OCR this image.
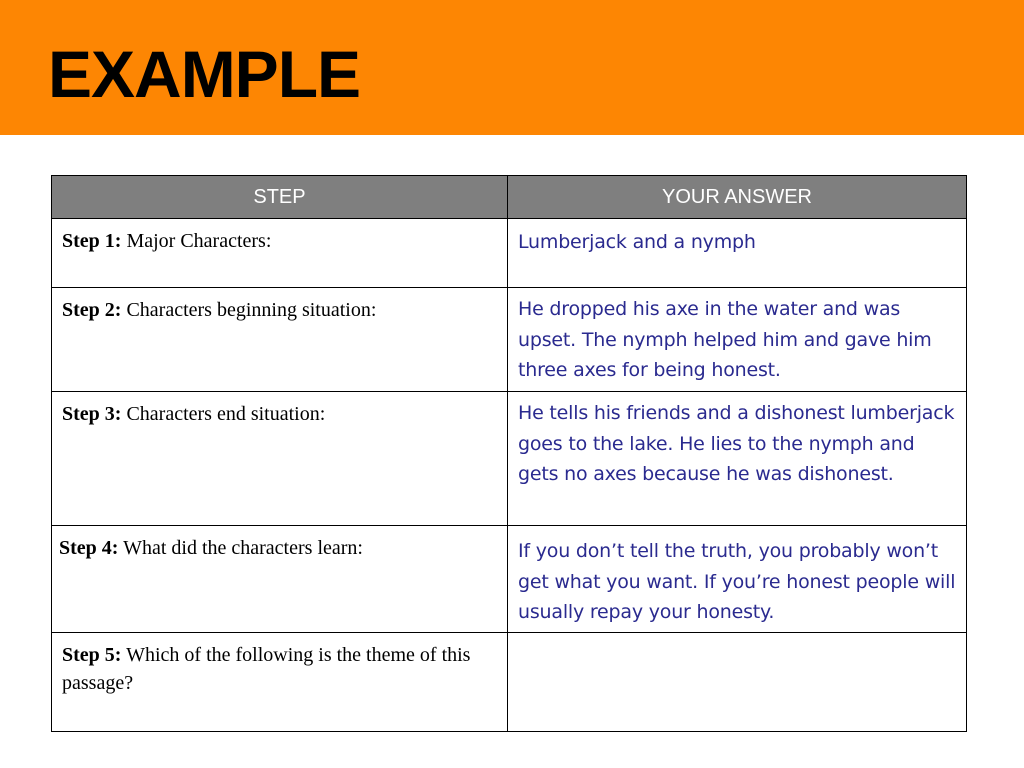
EXAMPLE
STEP	YOUR ANSWER
Step 1: Major Characters:	Lumberjack and a nymph
Step 2: Characters beginning situation:	He dropped his axe in the water and was upset. The nymph helped him and gave him three axes for being honest.
Step 3: Characters end situation:	He tells his friends and a dishonest lumberjack goes to the lake. He lies to the nymph and gets no axes because he was dishonest.
Step 4: What did the characters learn:	If you don’t tell the truth, you probably won’t get what you want. If you’re honest people will usually repay your honesty.
Step 5: Which of the following is the theme of this passage?	
